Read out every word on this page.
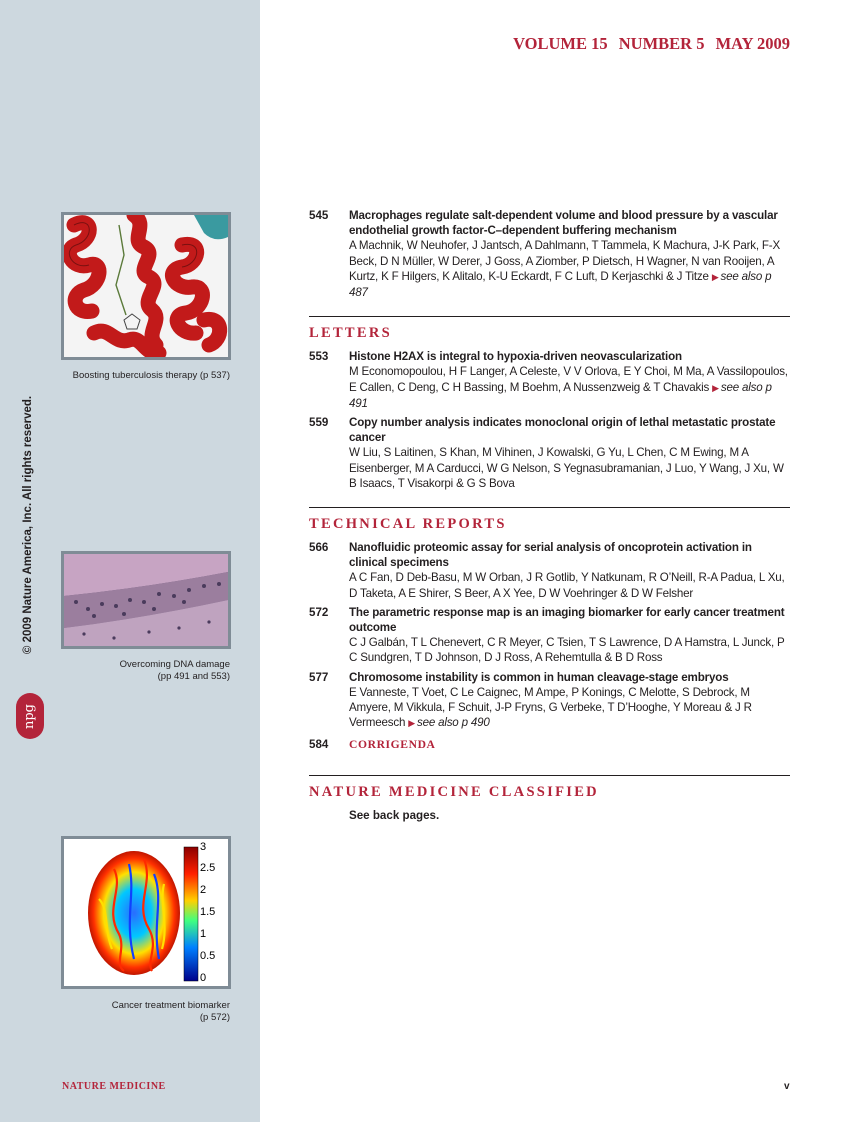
© 2009 Nature America, Inc. All rights reserved.
npg
Boosting tuberculosis therapy (p 537)
Overcoming DNA damage
(pp 491 and 553)
3
2.5
2
1.5
1
0.5
0
Cancer treatment biomarker
(p 572)
NATURE MEDICINE	v
VOLUME 15 NUMBER 5 MAY 2009
545 Macrophages regulate salt-dependent volume and blood pressure by a vascular endothelial growth factor-C–dependent buffering mechanism
A Machnik, W Neuhofer, J Jantsch, A Dahlmann, T Tammela, K Machura, J-K Park, F-X Beck, D N Müller, W Derer, J Goss, A Ziomber, P Dietsch, H Wagner, N van Rooijen, A Kurtz, K F Hilgers, K Alitalo, K-U Eckardt, F C Luft, D Kerjaschki & J Titze ▶ see also p 487
LETTERS
553 Histone H2AX is integral to hypoxia-driven neovascularization
M Economopoulou, H F Langer, A Celeste, V V Orlova, E Y Choi, M Ma, A Vassilopoulos, E Callen, C Deng, C H Bassing, M Boehm, A Nussenzweig & T Chavakis ▶ see also p 491
559 Copy number analysis indicates monoclonal origin of lethal metastatic prostate cancer
W Liu, S Laitinen, S Khan, M Vihinen, J Kowalski, G Yu, L Chen, C M Ewing, M A Eisenberger, M A Carducci, W G Nelson, S Yegnasubramanian, J Luo, Y Wang, J Xu, W B Isaacs, T Visakorpi & G S Bova
TECHNICAL REPORTS
566 Nanofluidic proteomic assay for serial analysis of oncoprotein activation in clinical specimens
A C Fan, D Deb-Basu, M W Orban, J R Gotlib, Y Natkunam, R O’Neill, R-A Padua, L Xu, D Taketa, A E Shirer, S Beer, A X Yee, D W Voehringer & D W Felsher
572 The parametric response map is an imaging biomarker for early cancer treatment outcome
C J Galbán, T L Chenevert, C R Meyer, C Tsien, T S Lawrence, D A Hamstra, L Junck, P C Sundgren, T D Johnson, D J Ross, A Rehemtulla & B D Ross
577 Chromosome instability is common in human cleavage-stage embryos
E Vanneste, T Voet, C Le Caignec, M Ampe, P Konings, C Melotte, S Debrock, M Amyere, M Vikkula, F Schuit, J-P Fryns, G Verbeke, T D’Hooghe, Y Moreau & J R Vermeesch ▶ see also p 490
584 CORRIGENDA
NATURE MEDICINE CLASSIFIED
See back pages.
